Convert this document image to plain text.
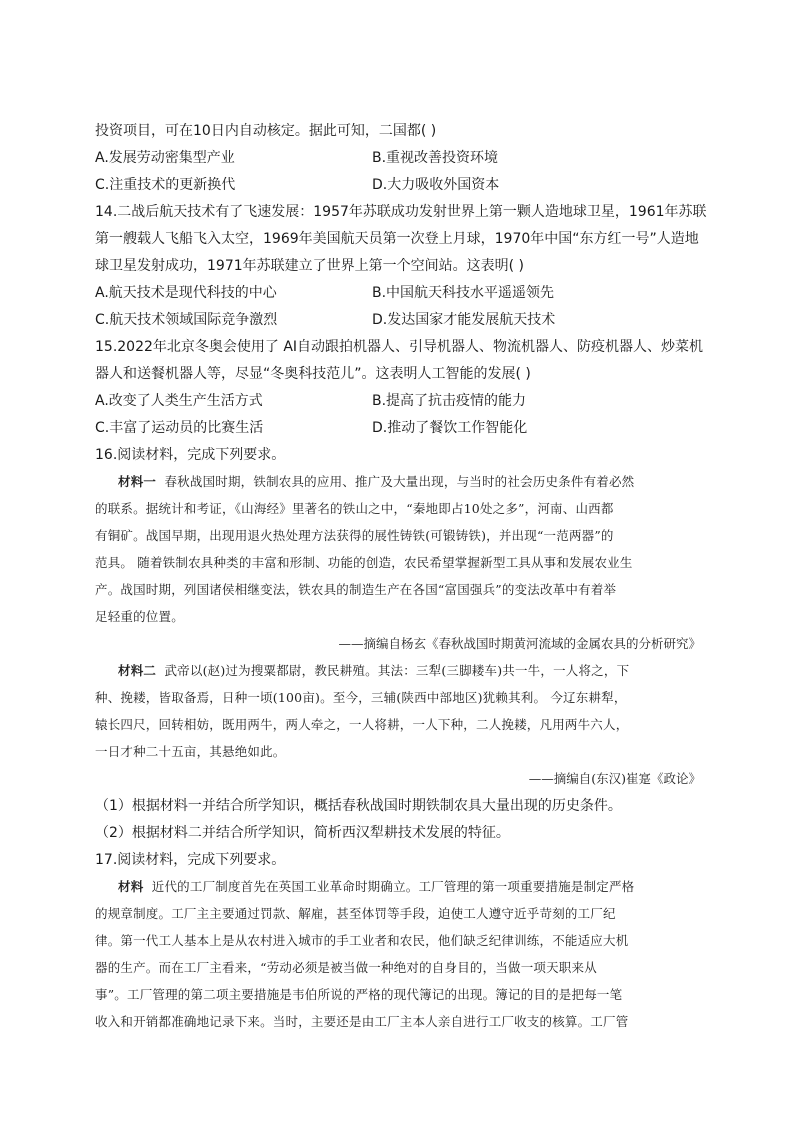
投资项目，可在10日内自动核定。据此可知，二国都( )
A.发展劳动密集型产业	B.重视改善投资环境
C.注重技术的更新换代	D.大力吸收外国资本
14.二战后航天技术有了飞速发展：1957年苏联成功发射世界上第一颗人造地球卫星，1961年苏联
第一艘载人飞船飞入太空，1969年美国航天员第一次登上月球，1970年中国“东方红一号”人造地
球卫星发射成功，1971年苏联建立了世界上第一个空间站。这表明( )
A.航天技术是现代科技的中心	B.中国航天科技水平遥遥领先
C.航天技术领域国际竞争激烈	D.发达国家才能发展航天技术
15.2022年北京冬奥会使用了 AI自动跟拍机器人、引导机器人、物流机器人、防疫机器人、炒菜机
器人和送餐机器人等，尽显“冬奥科技范儿”。这表明人工智能的发展( )
A.改变了人类生产生活方式	B.提高了抗击疫情的能力
C.丰富了运动员的比赛生活	D.推动了餐饮工作智能化
16.阅读材料，完成下列要求。
材料一 春秋战国时期，铁制农具的应用、推广及大量出现，与当时的社会历史条件有着必然
的联系。据统计和考证，《山海经》里著名的铁山之中，“秦地即占10处之多”，河南、山西都
有铜矿。战国早期，出现用退火热处理方法获得的展性铸铁(可锻铸铁)，并出现“一范两器”的
范具。 随着铁制农具种类的丰富和形制、功能的创造，农民希望掌握新型工具从事和发展农业生
产。战国时期，列国诸侯相继变法，铁农具的制造生产在各国“富国强兵”的变法改革中有着举
足轻重的位置。
——摘编自杨玄《春秋战国时期黄河流域的金属农具的分析研究》
材料二 武帝以(赵)过为搜粟都尉，教民耕殖。其法：三犁(三脚耧车)共一牛，一人将之，下
种、挽耧，皆取备焉，日种一顷(100亩)。至今，三辅(陕西中部地区)犹赖其利。 今辽东耕犁，
辕长四尺，回转相妨，既用两牛，两人牵之，一人将耕，一人下种，二人挽耧，凡用两牛六人，
一日才种二十五亩，其悬绝如此。
——摘编自(东汉)崔寔《政论》
（1）根据材料一并结合所学知识，概括春秋战国时期铁制农具大量出现的历史条件。
（2）根据材料二并结合所学知识，简析西汉犁耕技术发展的特征。
17.阅读材料，完成下列要求。
材料 近代的工厂制度首先在英国工业革命时期确立。工厂管理的第一项重要措施是制定严格
的规章制度。工厂主主要通过罚款、解雇，甚至体罚等手段，迫使工人遵守近乎苛刻的工厂纪
律。第一代工人基本上是从农村进入城市的手工业者和农民，他们缺乏纪律训练，不能适应大机
器的生产。而在工厂主看来，“劳动必须是被当做一种绝对的自身目的，当做一项天职来从
事”。工厂管理的第二项主要措施是韦伯所说的严格的现代簿记的出现。簿记的目的是把每一笔
收入和开销都准确地记录下来。当时，主要还是由工厂主本人亲自进行工厂收支的核算。工厂管
